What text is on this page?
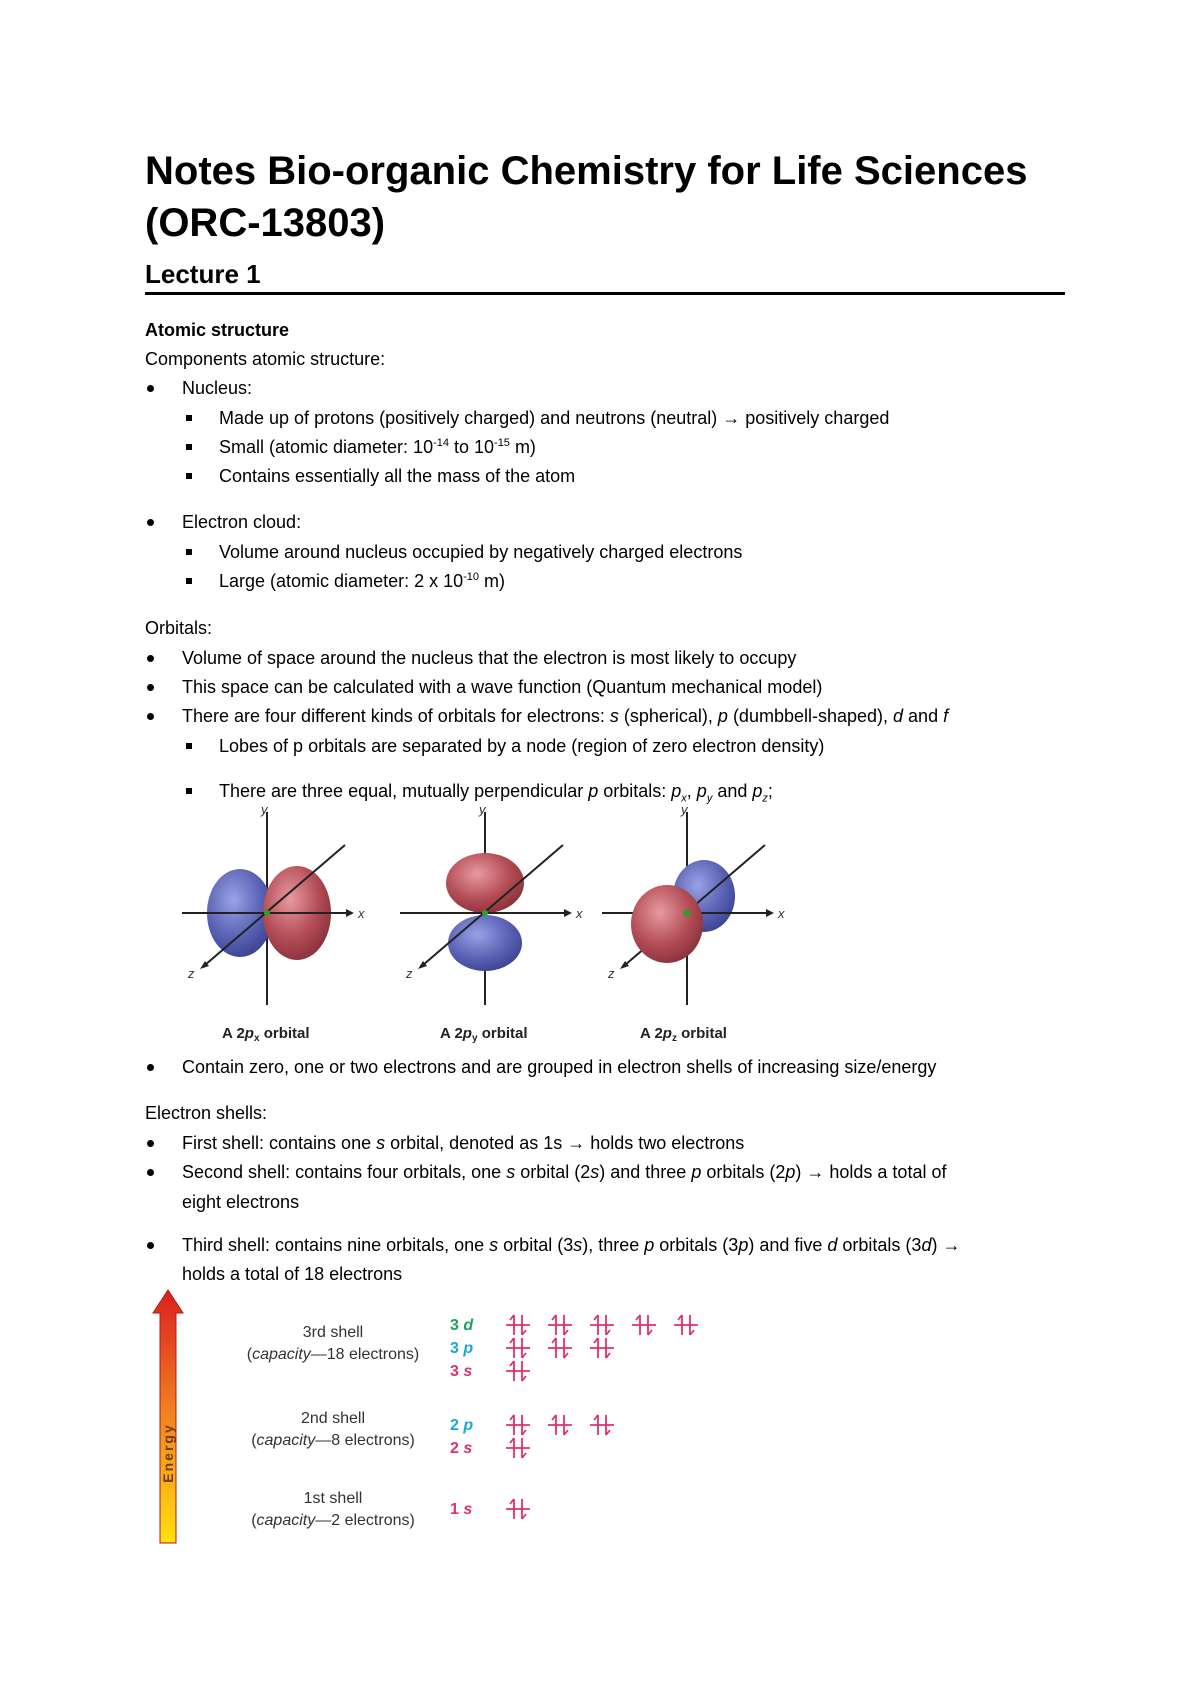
Notes Bio-organic Chemistry for Life Sciences (ORC-13803)
Lecture 1
Atomic structure
Components atomic structure:
Nucleus:
Made up of protons (positively charged) and neutrons (neutral) → positively charged
Small (atomic diameter: $10^{-14}$ to $10^{-15}$ m)
Contains essentially all the mass of the atom
Electron cloud:
Volume around nucleus occupied by negatively charged electrons
Large (atomic diameter: 2 x $10^{-10}$ m)
Orbitals:
Volume of space around the nucleus that the electron is most likely to occupy
This space can be calculated with a wave function (Quantum mechanical model)
There are four different kinds of orbitals for electrons: s (spherical), p (dumbbell-shaped), d and f
Lobes of p orbitals are separated by a node (region of zero electron density)
There are three equal, mutually perpendicular p orbitals: $p_x$, $p_y$ and $p_z$;
y
x
z
y
x
z
y
x
z
A $2p_x$ orbital	A $2p_y$ orbital	A $2p_z$ orbital
Contain zero, one or two electrons and are grouped in electron shells of increasing size/energy
Electron shells:
First shell: contains one s orbital, denoted as 1s → holds two electrons
Second shell: contains four orbitals, one s orbital (2s) and three p orbitals (2p) → holds a total of
eight electrons
Third shell: contains nine orbitals, one s orbital (3s), three p orbitals (3p) and five d orbitals (3d) →
holds a total of 18 electrons
Energy
3rd shell
(capacity—18 electrons)
2nd shell
(capacity—8 electrons)
1st shell
(capacity—2 electrons)
3 d
3 p
3 s
2 p
2 s
1 s
